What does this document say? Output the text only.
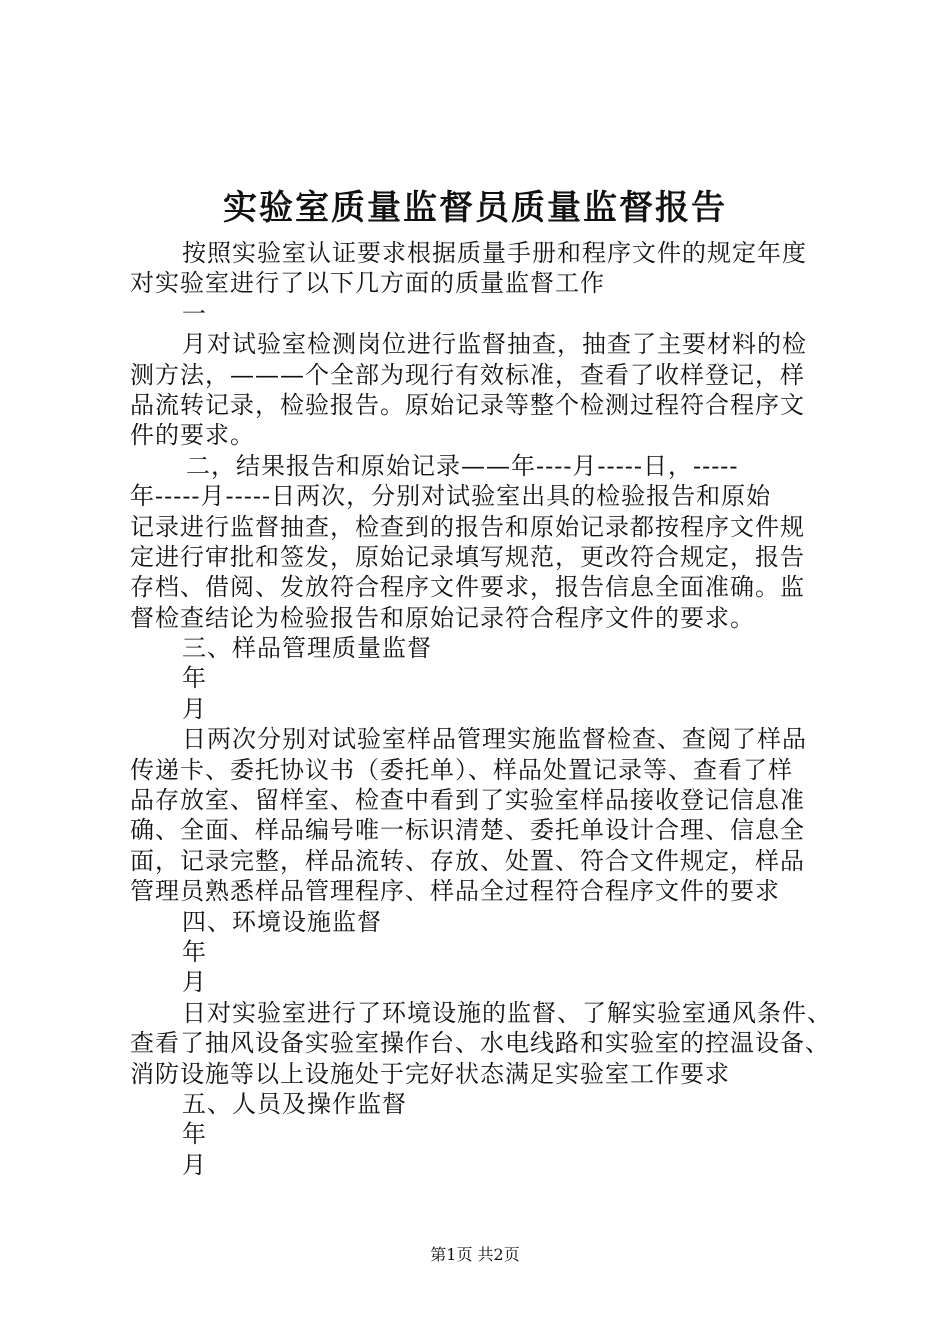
实验室质量监督员质量监督报告
按照实验室认证要求根据质量手册和程序文件的规定年度
对实验室进行了以下几方面的质量监督工作
一
月对试验室检测岗位进行监督抽查，抽查了主要材料的检
测方法，———个全部为现行有效标准，查看了收样登记，样
品流转记录，检验报告。原始记录等整个检测过程符合程序文
件的要求。
二，结果报告和原始记录——年----月-----日，-----
年-----月-----日两次，分别对试验室出具的检验报告和原始
记录进行监督抽查，检查到的报告和原始记录都按程序文件规
定进行审批和签发，原始记录填写规范，更改符合规定，报告
存档、借阅、发放符合程序文件要求，报告信息全面准确。监
督检查结论为检验报告和原始记录符合程序文件的要求。
三、样品管理质量监督
年
月
日两次分别对试验室样品管理实施监督检查、查阅了样品
传递卡、委托协议书（委托单）、样品处置记录等、查看了样
品存放室、留样室、检查中看到了实验室样品接收登记信息准
确、全面、样品编号唯一标识清楚、委托单设计合理、信息全
面，记录完整，样品流转、存放、处置、符合文件规定，样品
管理员熟悉样品管理程序、样品全过程符合程序文件的要求
四、环境设施监督
年
月
日对实验室进行了环境设施的监督、了解实验室通风条件、
查看了抽风设备实验室操作台、水电线路和实验室的控温设备、
消防设施等以上设施处于完好状态满足实验室工作要求
五、人员及操作监督
年
月
第1页 共2页
